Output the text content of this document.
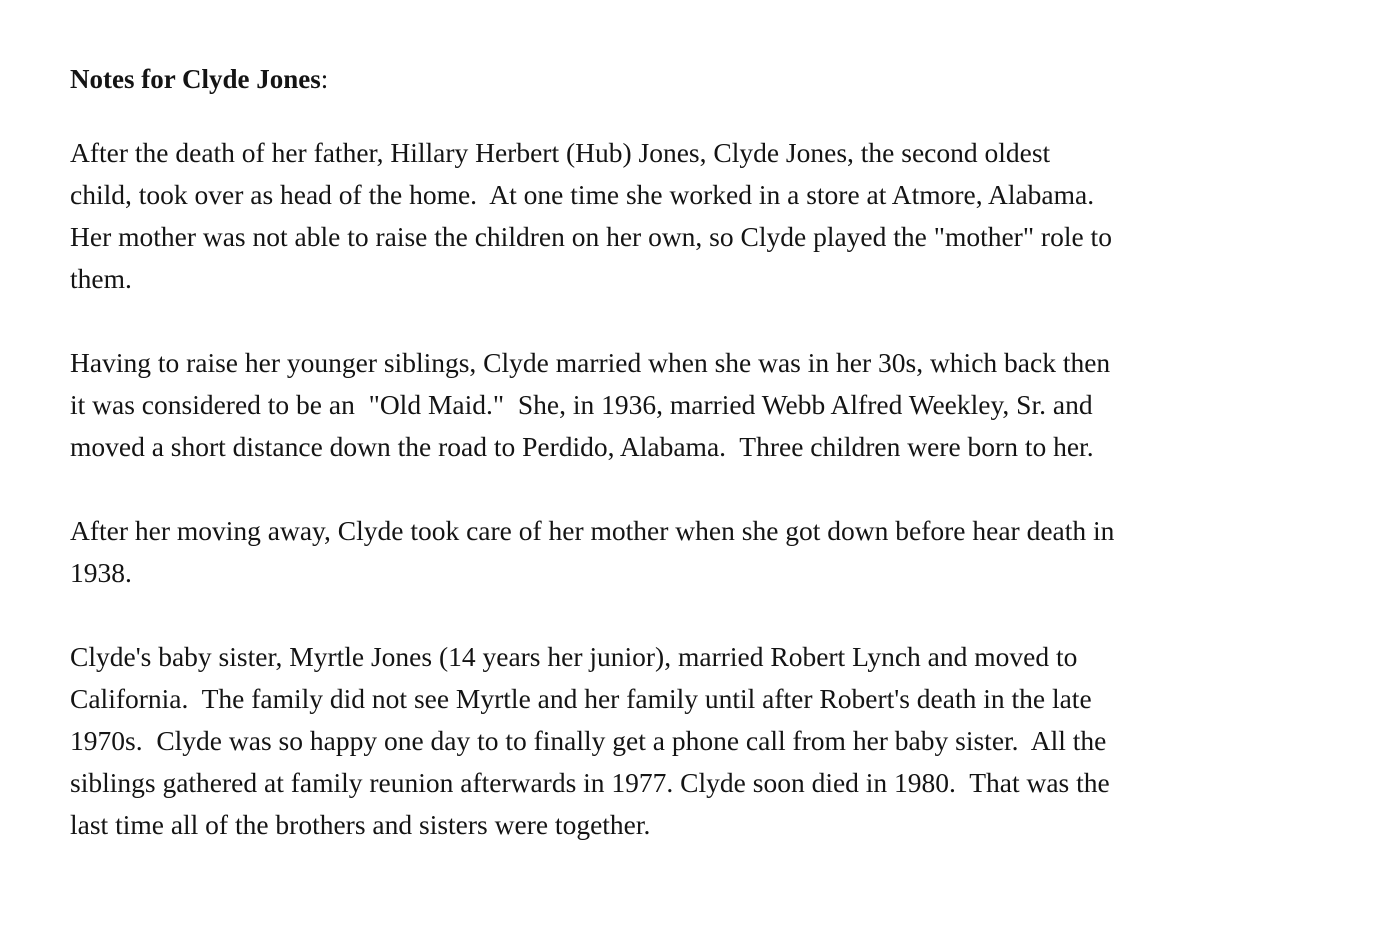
Notes for Clyde Jones:
After the death of her father, Hillary Herbert (Hub) Jones, Clyde Jones, the second oldest
child, took over as head of the home.  At one time she worked in a store at Atmore, Alabama.
Her mother was not able to raise the children on her own, so Clyde played the "mother" role to
them.
Having to raise her younger siblings, Clyde married when she was in her 30s, which back then
it was considered to be an  "Old Maid."  She, in 1936, married Webb Alfred Weekley, Sr. and
moved a short distance down the road to Perdido, Alabama.  Three children were born to her.
After her moving away, Clyde took care of her mother when she got down before hear death in
1938.
Clyde's baby sister, Myrtle Jones (14 years her junior), married Robert Lynch and moved to
California.  The family did not see Myrtle and her family until after Robert's death in the late
1970s.  Clyde was so happy one day to to finally get a phone call from her baby sister.  All the
siblings gathered at family reunion afterwards in 1977. Clyde soon died in 1980.  That was the
last time all of the brothers and sisters were together.
